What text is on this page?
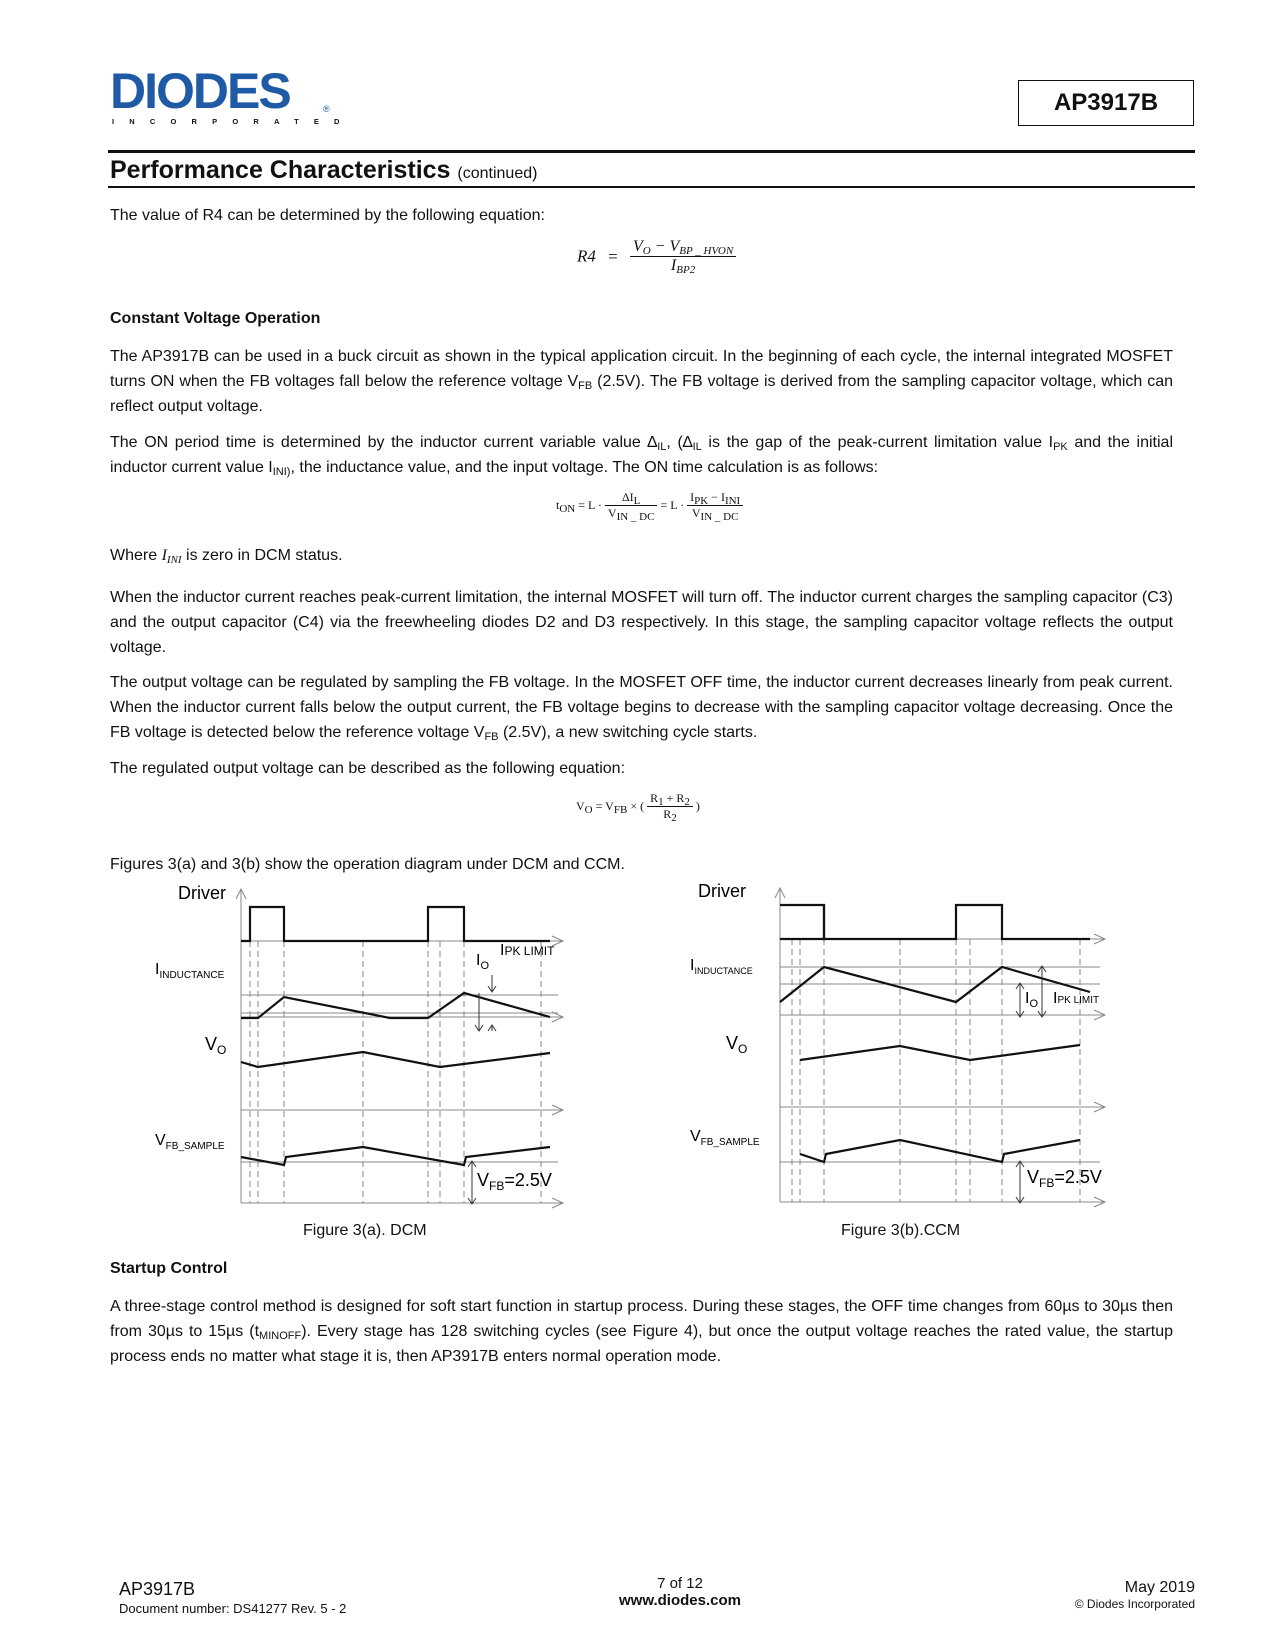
DIODES
INCORPORATED
®	AP3917B
Performance Characteristics (continued)
The value of R4 can be determined by the following equation:
$R4 = \frac{V_O - V_{BP \_ HVON}}{I_{BP2}}$
Constant Voltage Operation
The AP3917B can be used in a buck circuit as shown in the typical application circuit. In the beginning of each cycle, the internal integrated MOSFET turns ON when the FB voltages fall below the reference voltage $V_{FB}$ (2.5V). The FB voltage is derived from the sampling capacitor voltage, which can reflect output voltage.
The ON period time is determined by the inductor current variable value $\Delta_{IL}$, ($\Delta_{IL}$ is the gap of the peak-current limitation value $I_{PK}$ and the initial inductor current value $I_{INI)}$, the inductance value, and the input voltage. The ON time calculation is as follows:
$t_{ON} = L \cdot \frac{\Delta I_L}{V_{IN \_ DC}} = L \cdot \frac{I_{PK} - I_{INI}}{V_{IN \_ DC}}$
Where $I_{INI}$ is zero in DCM status.
When the inductor current reaches peak-current limitation, the internal MOSFET will turn off. The inductor current charges the sampling capacitor (C3) and the output capacitor (C4) via the freewheeling diodes D2 and D3 respectively. In this stage, the sampling capacitor voltage reflects the output voltage.
The output voltage can be regulated by sampling the FB voltage. In the MOSFET OFF time, the inductor current decreases linearly from peak current. When the inductor current falls below the output current, the FB voltage begins to decrease with the sampling capacitor voltage decreasing. Once the FB voltage is detected below the reference voltage $V_{FB}$ (2.5V), a new switching cycle starts.
The regulated output voltage can be described as the following equation:
$V_O = V_{FB}$ × ( $\frac{R_1 + R_2}{R_2}$ )
Figures 3(a) and 3(b) show the operation diagram under DCM and CCM.
Driver
$I_{INDUCTANCE}$
$V_O$
$V_{FB\_SAMPLE}$
$I_O$
IPK LIMIT
$V_{FB}=2.5V$
Figure 3(a). DCM
Driver
$I_{INDUCTANCE}$
$V_O$
$V_{FB\_SAMPLE}$
$I_O$ IPK LIMIT
$V_{FB}=2.5V$
Figure 3(b).CCM
Startup Control
A three-stage control method is designed for soft start function in startup process. During these stages, the OFF time changes from 60µs to 30µs then from 30µs to 15µs $(t_{MINOFF})$. Every stage has 128 switching cycles (see Figure 4), but once the output voltage reaches the rated value, the startup process ends no matter what stage it is, then AP3917B enters normal operation mode.
AP3917B
Document number: DS41277 Rev. 5 - 2
7 of 12
www.diodes.com
May 2019
© Diodes Incorporated
